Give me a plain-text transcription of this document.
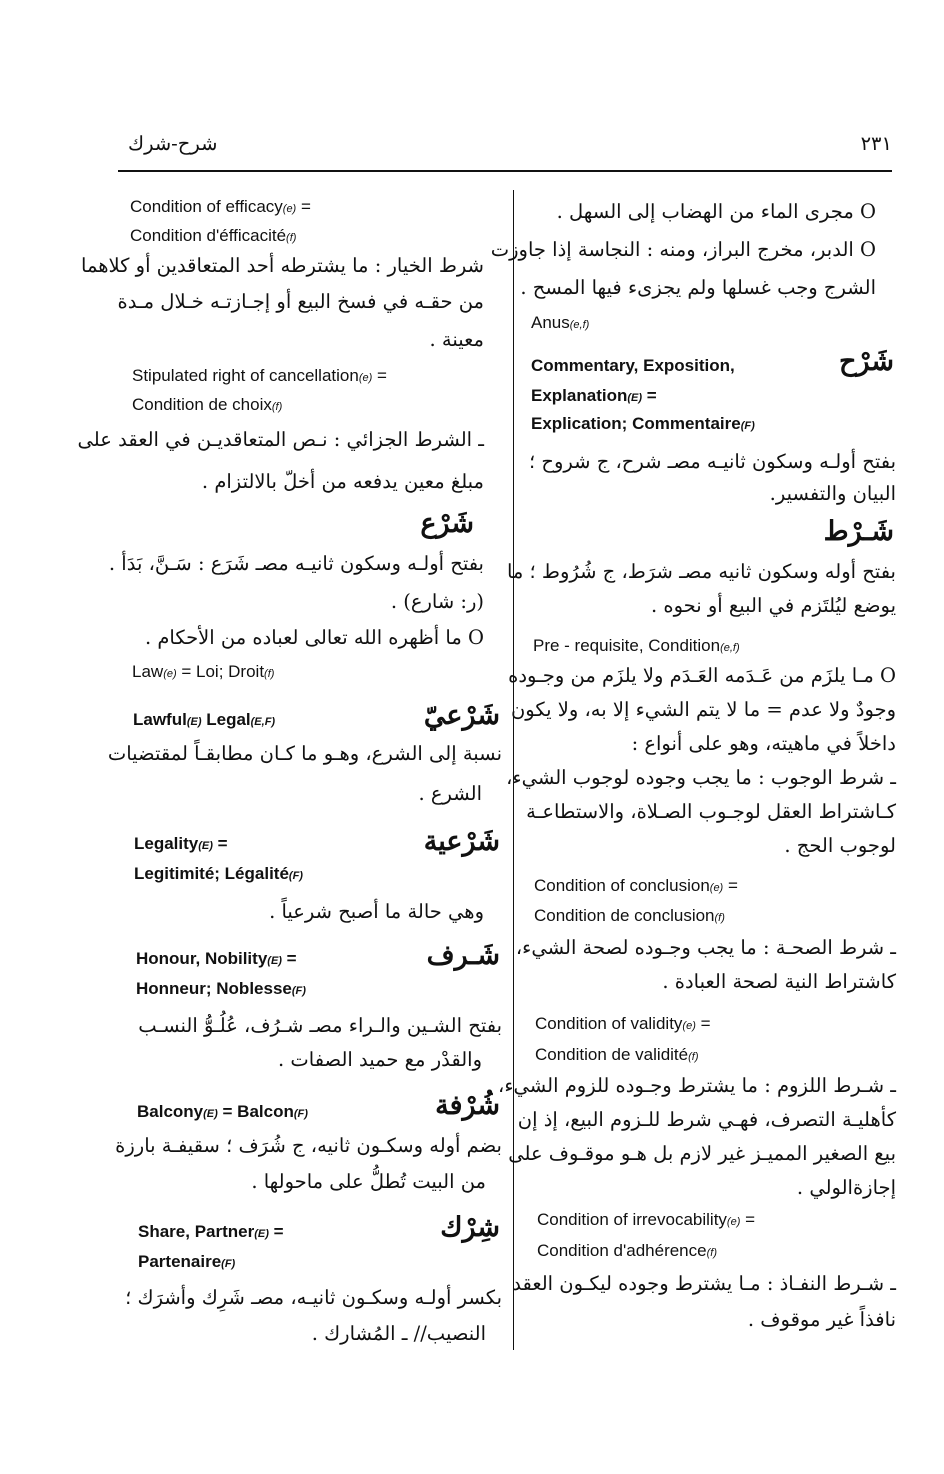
٢٣١
شرح-شرك
O مجرى الماء من الهضاب إلى السهل .
O الدبر، مخرج البراز، ومنه : النجاسة إذا جاوزت
الشرج وجب غسلها ولم يجزىء فيها المسح .
Anus(e,f)
شَرْح
Commentary, Exposition,
Explanation(E) =
Explication; Commentaire(F)
بفتح أولـه وسكون ثانيـه مصـ شرح، ج شروح ؛
البيان والتفسير.
شَـرْط
بفتح أوله وسكون ثانيه مصـ شرَط، ج شُرُوط ؛ ما
يوضع ليُلتَزم في البيع أو نحوه .
Pre - requisite, Condition(e,f)
O مـا يلزَم من عَـدَمه العَـدَم ولا يلزَم من وجـوده
وجودٌ ولا عدم = ما لا يتم الشيء إلا به، ولا يكون
داخلاً في ماهيته، وهو على أنواع :
ـ شرط الوجوب : ما يجب وجوده لوجوب الشيء،
كـاشتراط العقل لوجـوب الصـلاة، والاستطاعـة
لوجوب الحج .
Condition of conclusion(e) =
Condition de conclusion(f)
ـ شرط الصحـة : ما يجب وجـوده لصحة الشيء،
كاشتراط النية لصحة العبادة .
Condition of validity(e) =
Condition de validité(f)
ـ شـرط اللزوم : ما يشترط وجـوده للزوم الشيء،
كأهليـة التصرف، فهـي شرط للـزوم البيع، إذ إن
بيع الصغير المميـز غير لازم بل هـو موقـوف على
إجازةالولي .
Condition of irrevocability(e) =
Condition d'adhérence(f)
ـ شـرط النفـاذ : مـا يشترط وجوده ليكـون العقد
نافذاً غير موقوف .
Condition of efficacy(e) =
Condition d'éfficacité(f)
شرط الخيار : ما يشترطه أحد المتعاقدين أو كلاهما
من حقـه في فسخ البيع أو إجـازتـه خـلال مـدة
معينة .
Stipulated right of cancellation(e) =
Condition de choix(f)
ـ الشرط الجزائي : نـص المتعاقديـن في العقد على
مبلغ معين يدفعه من أخلّ بالالتزام .
شَرْع
بفتح أولـه وسكون ثانيـه مصـ شَرَع : سَـنَّ، بَدَأ .
(ر: شارع) .
O ما أظهره الله تعالى لعباده من الأحكام .
Law(e) = Loi; Droit(f)
شَرْعيّ
Lawful(E) Legal(E,F)
نسبة إلى الشرع، وهـو ما كـان مطابقـاً لمقتضيات
الشرع .
شَرْعية
Legality(E) =
Legitimité; Légalité(F)
وهي حالة ما أصبح شرعياً .
شَـرف
Honour, Nobility(E) =
Honneur; Noblesse(F)
بفتح الشـين والـراء مصـ شـرُف، عُلُـوُّ النسـب
والقدْر مع حميد الصفات .
شُرْفة
Balcony(E) = Balcon(F)
بضم أوله وسكـون ثانيه، ج شُرَف ؛ سقيفـة بارزة
من البيت تُطلُّ على ماحولها .
شِرْك
Share, Partner(E) =
Partenaire(F)
بكسر أولـه وسكـون ثانيـه، مصـ شَرِك وأشرَك ؛
النصيب// ـ المُشارك .
